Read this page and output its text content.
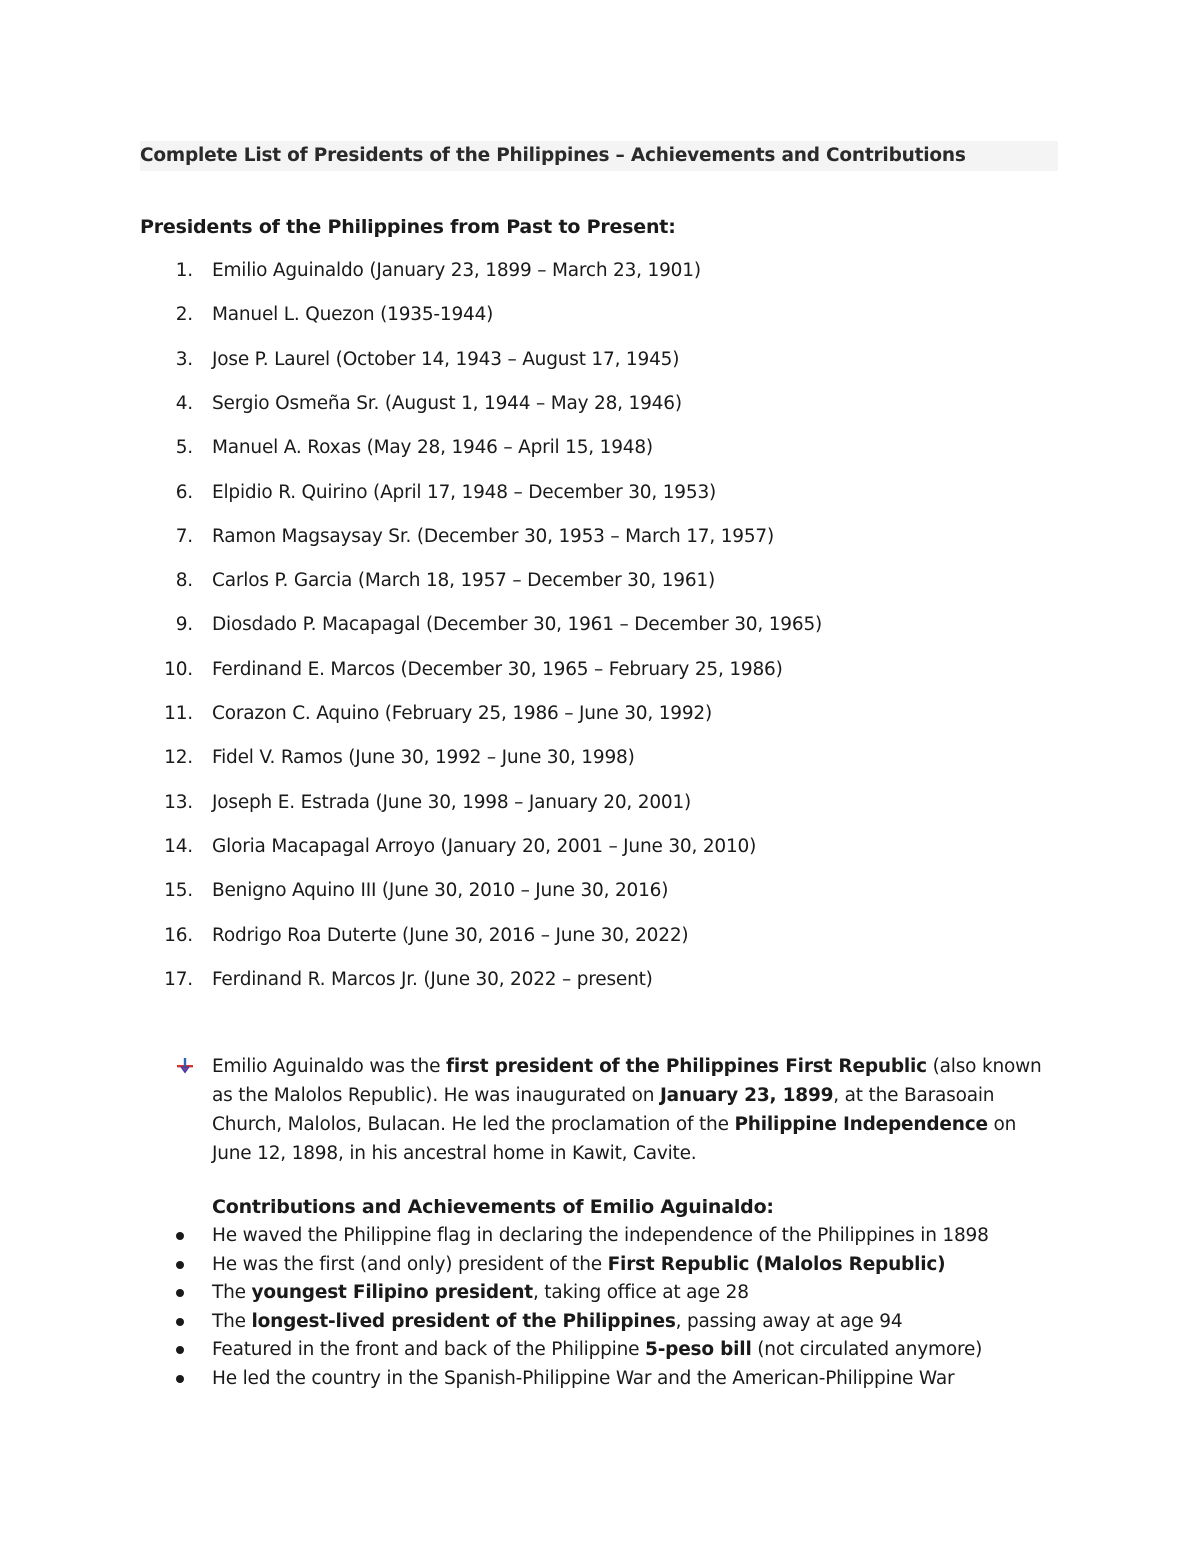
Complete List of Presidents of the Philippines – Achievements and Contributions
Presidents of the Philippines from Past to Present:
1. Emilio Aguinaldo (January 23, 1899 – March 23, 1901)
2. Manuel L. Quezon (1935-1944)
3. Jose P. Laurel (October 14, 1943 – August 17, 1945)
4. Sergio Osmeña Sr. (August 1, 1944 – May 28, 1946)
5. Manuel A. Roxas (May 28, 1946 – April 15, 1948)
6. Elpidio R. Quirino (April 17, 1948 – December 30, 1953)
7. Ramon Magsaysay Sr. (December 30, 1953 – March 17, 1957)
8. Carlos P. Garcia (March 18, 1957 – December 30, 1961)
9. Diosdado P. Macapagal (December 30, 1961 – December 30, 1965)
10. Ferdinand E. Marcos (December 30, 1965 – February 25, 1986)
11. Corazon C. Aquino (February 25, 1986 – June 30, 1992)
12. Fidel V. Ramos (June 30, 1992 – June 30, 1998)
13. Joseph E. Estrada (June 30, 1998 – January 20, 2001)
14. Gloria Macapagal Arroyo (January 20, 2001 – June 30, 2010)
15. Benigno Aquino III (June 30, 2010 – June 30, 2016)
16. Rodrigo Roa Duterte (June 30, 2016 – June 30, 2022)
17. Ferdinand R. Marcos Jr. (June 30, 2022 – present)
Emilio Aguinaldo was the first president of the Philippines First Republic (also known as the Malolos Republic). He was inaugurated on January 23, 1899, at the Barasoain Church, Malolos, Bulacan. He led the proclamation of the Philippine Independence on June 12, 1898, in his ancestral home in Kawit, Cavite.
Contributions and Achievements of Emilio Aguinaldo:
He waved the Philippine flag in declaring the independence of the Philippines in 1898
He was the first (and only) president of the First Republic (Malolos Republic)
The youngest Filipino president, taking office at age 28
The longest-lived president of the Philippines, passing away at age 94
Featured in the front and back of the Philippine 5-peso bill (not circulated anymore)
He led the country in the Spanish-Philippine War and the American-Philippine War
